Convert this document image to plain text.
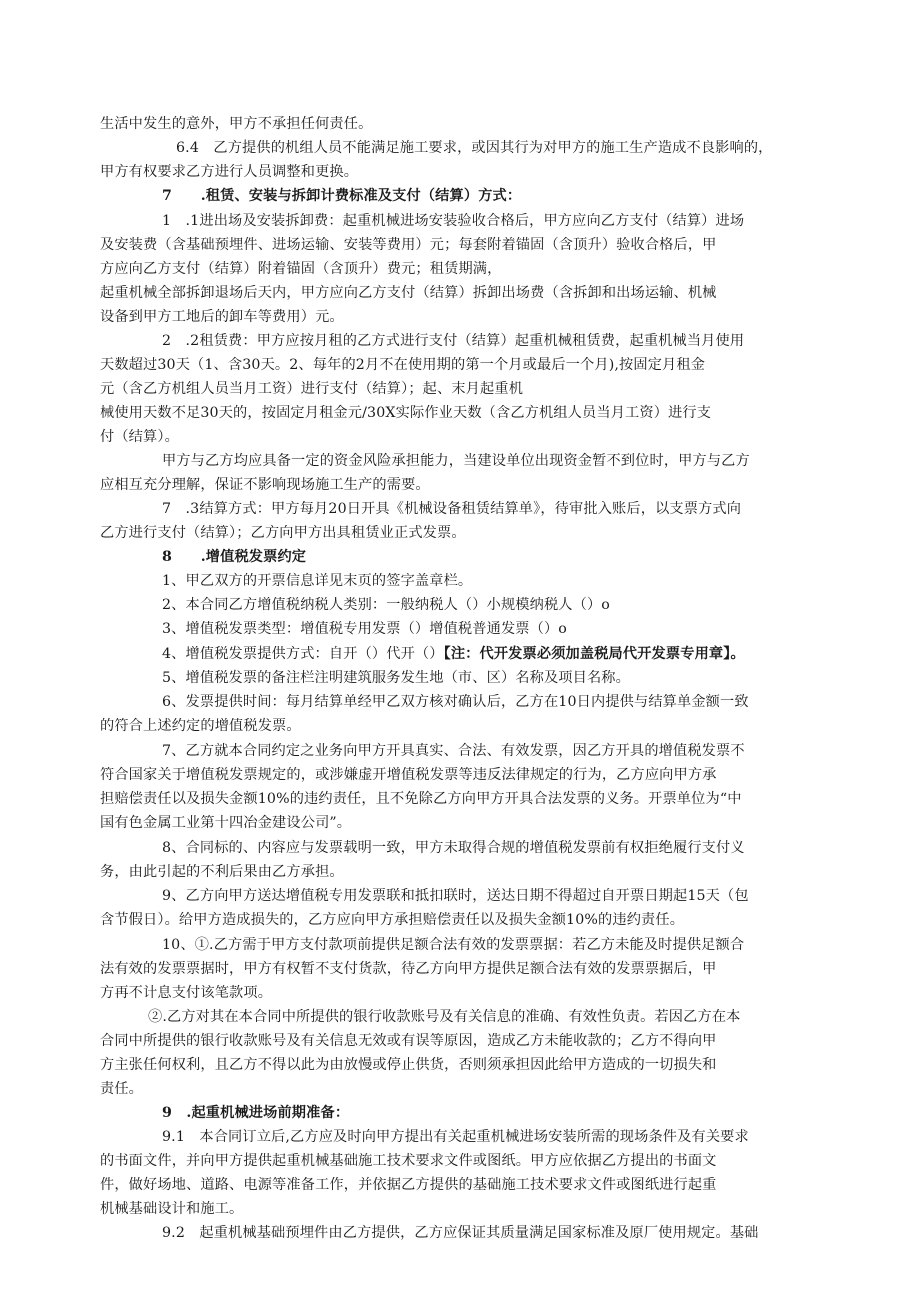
生活中发生的意外，甲方不承担任何责任。
6.4　乙方提供的机组人员不能满足施工要求，或因其行为对甲方的施工生产造成不良影响的，
甲方有权要求乙方进行人员调整和更换。
7　　.租赁、安装与拆卸计费标准及支付（结算）方式：
1　.1进出场及安装拆卸费：起重机械进场安装验收合格后，甲方应向乙方支付（结算）进场
及安装费（含基础预埋件、进场运输、安装等费用）元；每套附着锚固（含顶升）验收合格后，甲
方应向乙方支付（结算）附着锚固（含顶升）费元；租赁期满，
起重机械全部拆卸退场后天内，甲方应向乙方支付（结算）拆卸出场费（含拆卸和出场运输、机械
设备到甲方工地后的卸车等费用）元。
2　.2租赁费：甲方应按月租的乙方式进行支付（结算）起重机械租赁费，起重机械当月使用
天数超过30天（1、含30天。2、每年的2月不在使用期的第一个月或最后一个月),按固定月租金
元（含乙方机组人员当月工资）进行支付（结算）；起、末月起重机
械使用天数不足30天的，按固定月租金元/30X实际作业天数（含乙方机组人员当月工资）进行支
付（结算）。
甲方与乙方均应具备一定的资金风险承担能力，当建设单位出现资金暂不到位时，甲方与乙方
应相互充分理解，保证不影响现场施工生产的需要。
7　.3结算方式：甲方每月20日开具《机械设备租赁结算单》，待审批入账后，以支票方式向
乙方进行支付（结算）；乙方向甲方出具租赁业正式发票。
8　　.增值税发票约定
1、甲乙双方的开票信息详见末页的签字盖章栏。
2、本合同乙方增值税纳税人类别：一般纳税人（）小规模纳税人（）o
3、增值税发票类型：增值税专用发票（）增值税普通发票（）o
4、增值税发票提供方式：自开（）代开（）【注：代开发票必须加盖税局代开发票专用章】。
5、增值税发票的备注栏注明建筑服务发生地（市、区）名称及项目名称。
6、发票提供时间：每月结算单经甲乙双方核对确认后，乙方在10日内提供与结算单金额一致
的符合上述约定的增值税发票。
7、乙方就本合同约定之业务向甲方开具真实、合法、有效发票，因乙方开具的增值税发票不
符合国家关于增值税发票规定的，或涉嫌虚开增值税发票等违反法律规定的行为，乙方应向甲方承
担赔偿责任以及损失金额10%的违约责任，且不免除乙方向甲方开具合法发票的义务。开票单位为“中
国有色金属工业第十四冶金建设公司”。
8、合同标的、内容应与发票载明一致，甲方未取得合规的增值税发票前有权拒绝履行支付义
务，由此引起的不利后果由乙方承担。
9、乙方向甲方送达增值税专用发票联和抵扣联时，送达日期不得超过自开票日期起15天（包
含节假日）。给甲方造成损失的，乙方应向甲方承担赔偿责任以及损失金额10%的违约责任。
10、①.乙方需于甲方支付款项前提供足额合法有效的发票票据：若乙方未能及时提供足额合
法有效的发票票据时，甲方有权暂不支付货款，待乙方向甲方提供足额合法有效的发票票据后，甲
方再不计息支付该笔款项。
②.乙方对其在本合同中所提供的银行收款账号及有关信息的准确、有效性负责。若因乙方在本
合同中所提供的银行收款账号及有关信息无效或有误等原因，造成乙方未能收款的；乙方不得向甲
方主张任何权利，且乙方不得以此为由放慢或停止供货，否则须承担因此给甲方造成的一切损失和
责任。
9　.起重机械进场前期准备：
9.1　本合同订立后,乙方应及时向甲方提出有关起重机械进场安装所需的现场条件及有关要求
的书面文件，并向甲方提供起重机械基础施工技术要求文件或图纸。甲方应依据乙方提出的书面文
件，做好场地、道路、电源等准备工作，并依据乙方提供的基础施工技术要求文件或图纸进行起重
机械基础设计和施工。
9.2　起重机械基础预埋件由乙方提供，乙方应保证其质量满足国家标准及原厂使用规定。基础
